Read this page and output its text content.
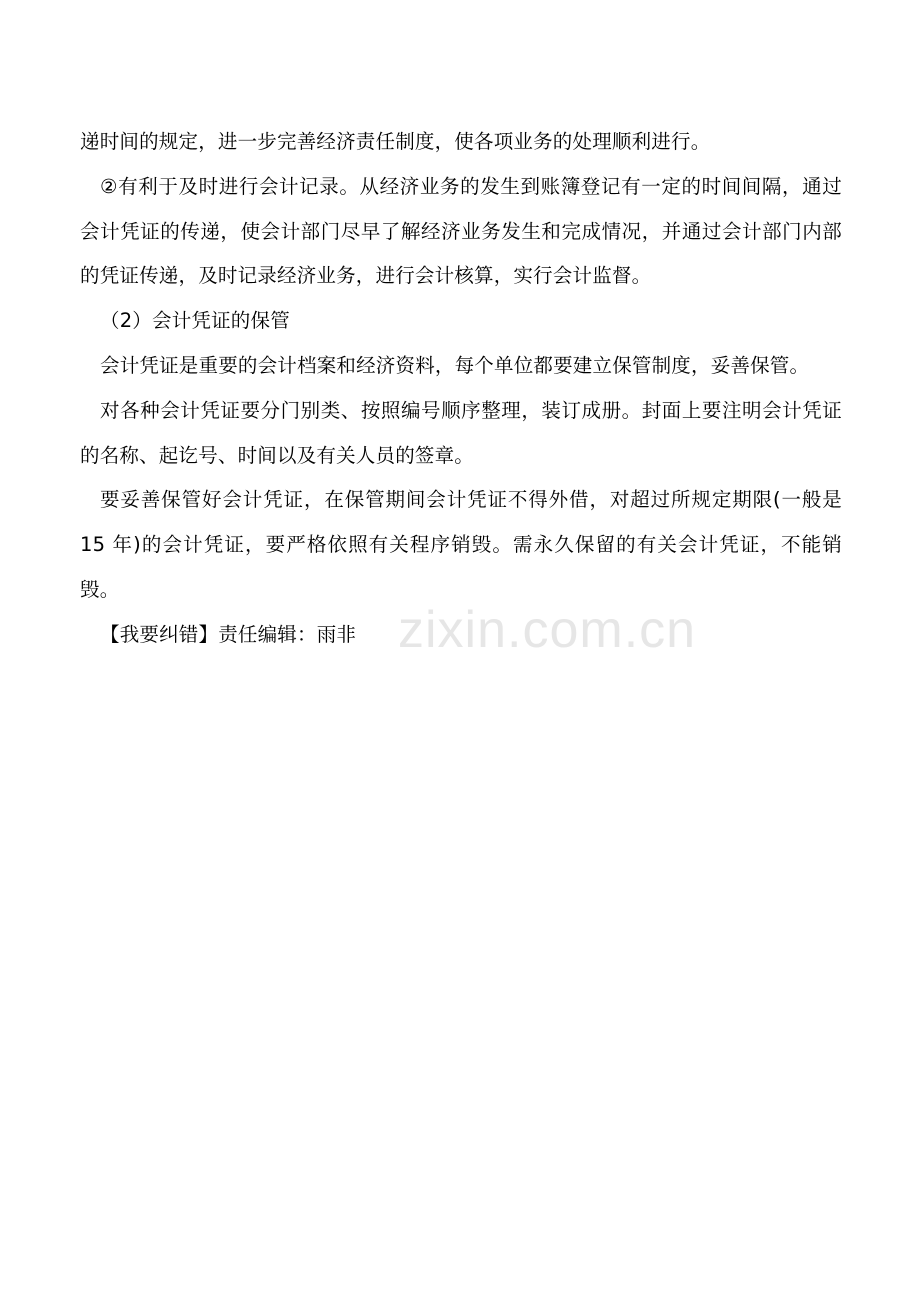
zixin.com.cn

递时间的规定，进一步完善经济责任制度，使各项业务的处理顺利进行。

②有利于及时进行会计记录。从经济业务的发生到账簿登记有一定的时间间隔，通过会计凭证的传递，使会计部门尽早了解经济业务发生和完成情况，并通过会计部门内部的凭证传递，及时记录经济业务，进行会计核算，实行会计监督。

（2）会计凭证的保管

会计凭证是重要的会计档案和经济资料，每个单位都要建立保管制度，妥善保管。

对各种会计凭证要分门别类、按照编号顺序整理，装订成册。封面上要注明会计凭证的名称、起讫号、时间以及有关人员的签章。

要妥善保管好会计凭证，在保管期间会计凭证不得外借，对超过所规定期限(一般是 15 年)的会计凭证，要严格依照有关程序销毁。需永久保留的有关会计凭证，不能销毁。

【我要纠错】责任编辑：雨非
